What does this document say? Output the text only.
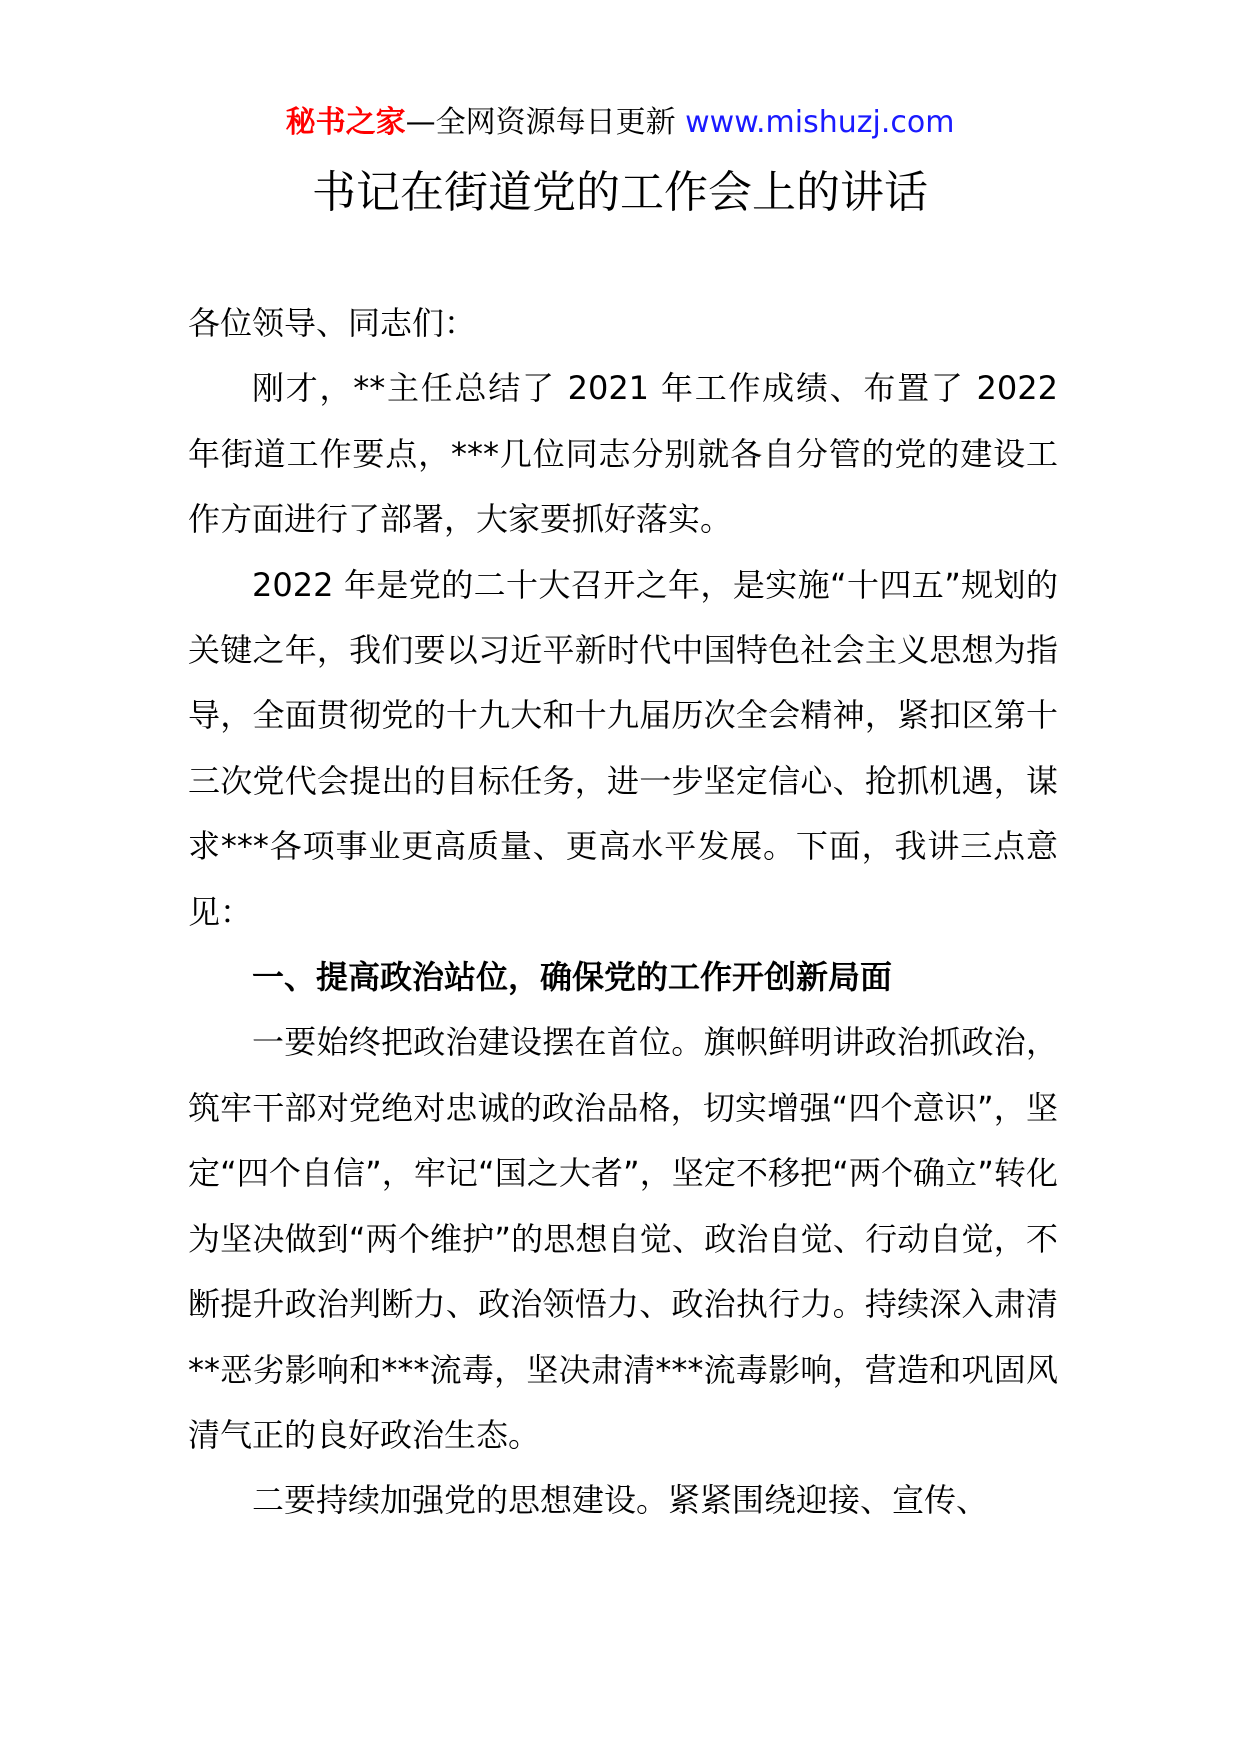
秘书之家—全网资源每日更新 www.mishuzj.com
书记在街道党的工作会上的讲话

各位领导、同志们：

刚才，**主任总结了 2021 年工作成绩、布置了 2022 年街道工作要点，***几位同志分别就各自分管的党的建设工作方面进行了部署，大家要抓好落实。

2022 年是党的二十大召开之年，是实施“十四五”规划的关键之年，我们要以习近平新时代中国特色社会主义思想为指导，全面贯彻党的十九大和十九届历次全会精神，紧扣区第十三次党代会提出的目标任务，进一步坚定信心、抢抓机遇，谋求***各项事业更高质量、更高水平发展。下面，我讲三点意见：

一、提高政治站位，确保党的工作开创新局面

一要始终把政治建设摆在首位。旗帜鲜明讲政治抓政治，筑牢干部对党绝对忠诚的政治品格，切实增强“四个意识”，坚定“四个自信”，牢记“国之大者”，坚定不移把“两个确立”转化为坚决做到“两个维护”的思想自觉、政治自觉、行动自觉，不断提升政治判断力、政治领悟力、政治执行力。持续深入肃清**恶劣影响和***流毒，坚决肃清***流毒影响，营造和巩固风清气正的良好政治生态。

二要持续加强党的思想建设。紧紧围绕迎接、宣传、
